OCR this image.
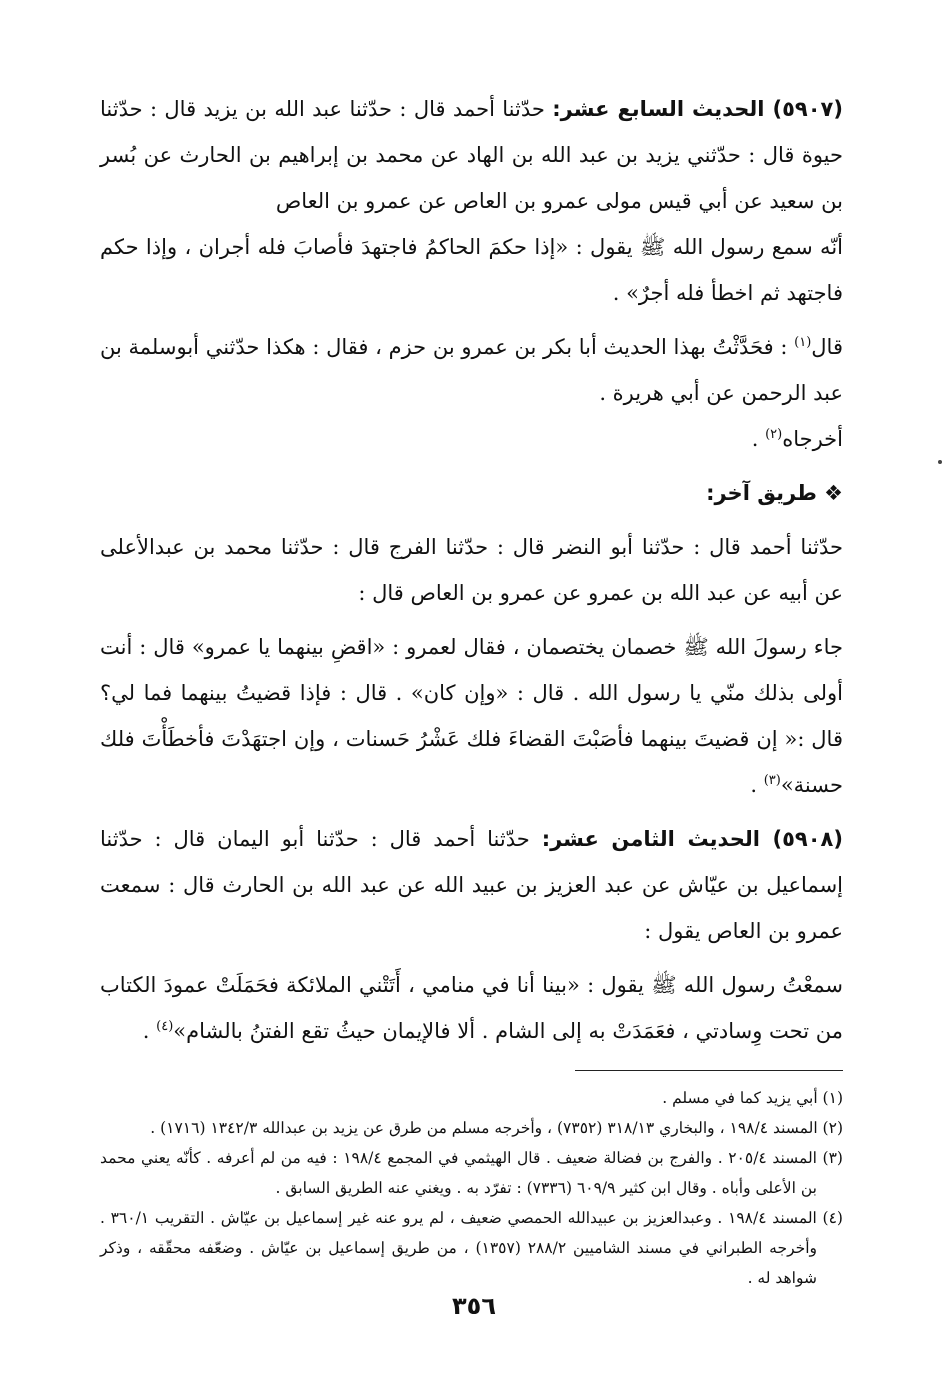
(٥٩٠٧) الحديث السابع عشر: حدّثنا أحمد قال : حدّثنا عبد الله بن يزيد قال : حدّثنا حيوة قال : حدّثني يزيد بن عبد الله بن الهاد عن محمد بن إبراهيم بن الحارث عن بُسر بن سعيد عن أبي قيس مولى عمرو بن العاص عن عمرو بن العاص

أنّه سمع رسول الله ﷺ يقول : «إذا حكمَ الحاكمُ فاجتهدَ فأصابَ فله أجران ، وإذا حكم فاجتهد ثم اخطأ فله أجرٌ» .

قال$^{(١)}$ : فحَدَّثْتُ بهذا الحديث أبا بكر بن عمرو بن حزم ، فقال : هكذا حدّثني أبوسلمة بن عبد الرحمن عن أبي هريرة .

أخرجاه$^{(٢)}$ .

❖ طريق آخر:

حدّثنا أحمد قال : حدّثنا أبو النضر قال : حدّثنا الفرج قال : حدّثنا محمد بن عبدالأعلى عن أبيه عن عبد الله بن عمرو عن عمرو بن العاص قال :

جاء رسولَ الله ﷺ خصمان يختصمان ، فقال لعمرو : «اقضِ بينهما يا عمرو» قال : أنت أولى بذلك منّي يا رسول الله . قال : «وإن كان» . قال : فإذا قضيتُ بينهما فما لي؟ قال :« إن قضيتَ بينهما فأصَبْتَ القضاءَ فلك عَشْرُ حَسنات ، وإن اجتهَدْتَ فأخطَأْتَ فلك حسنة»$^{(٣)}$ .

(٥٩٠٨) الحديث الثامن عشر: حدّثنا أحمد قال : حدّثنا أبو اليمان قال : حدّثنا إسماعيل بن عيّاش عن عبد العزيز بن عبيد الله عن عبد الله بن الحارث قال : سمعت عمرو بن العاص يقول :

سمعْتُ رسول الله ﷺ يقول : «بينا أنا في منامي ، أَتَتْني الملائكة فحَمَلَتْ عمودَ الكتاب من تحت وِسادتي ، فعَمَدَتْ به إلى الشام . ألا فالإيمان حيثُ تقع الفتنُ بالشام»$^{(٤)}$ .

(١) أبي يزيد كما في مسلم .

(٢) المسند ١٩٨/٤ ، والبخاري ٣١٨/١٣ (٧٣٥٢) ، وأخرجه مسلم من طرق عن يزيد بن عبدالله ١٣٤٢/٣ (١٧١٦) .

(٣) المسند ٢٠٥/٤ . والفرج بن فضالة ضعيف . قال الهيثمي في المجمع ١٩٨/٤ : فيه من لم أعرفه . كأنّه يعني محمد بن الأعلى وأباه . وقال ابن كثير ٦٠٩/٩ (٧٣٣٦) : تفرّد به . ويغني عنه الطريق السابق .

(٤) المسند ١٩٨/٤ . وعبدالعزيز بن عبيدالله الحمصي ضعيف ، لم يرو عنه غير إسماعيل بن عيّاش . التقريب ٣٦٠/١ . وأخرجه الطبراني في مسند الشاميين ٢٨٨/٢ (١٣٥٧) ، من طريق إسماعيل بن عيّاش . وضعّفه محقّقه ، وذكر شواهد له .

٣٥٦
